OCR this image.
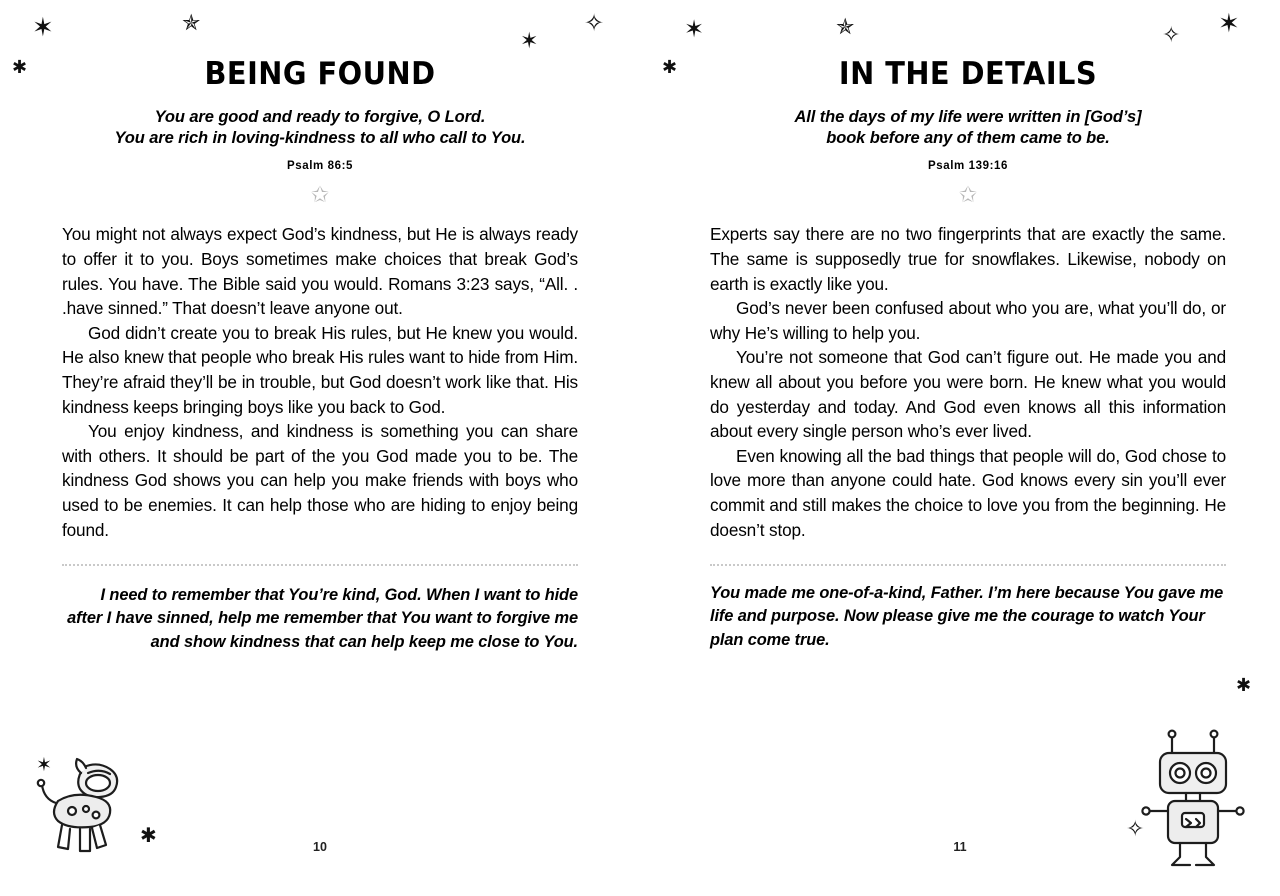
✶
✱
✯
✶
✧
✱
✶
BEING FOUND
You are good and ready to forgive, O Lord.
You are rich in loving-kindness to all who call to You.

Psalm 86:5

✩

You might not always expect God’s kindness, but He is always ready to offer it to you. Boys sometimes make choices that break God’s rules. You have. The Bible said you would. Romans 3:23 says, “All. . .have sinned.” That doesn’t leave anyone out.

God didn’t create you to break His rules, but He knew you would. He also knew that people who break His rules want to hide from Him. They’re afraid they’ll be in trouble, but God doesn’t work like that. His kindness keeps bringing boys like you back to God.

You enjoy kindness, and kindness is something you can share with others. It should be part of the you God made you to be. The kindness God shows you can help you make friends with boys who used to be enemies. It can help those who are hiding to enjoy being found.

I need to remember that You’re kind, God. When I want to hide after I have sinned, help me remember that You want to forgive me and show kindness that can help keep me close to You.

10
✶
✱
✯	✧ ✶
✱
✧
IN THE DETAILS
All the days of my life were written in [God’s]
book before any of them came to be.

Psalm 139:16

✩

Experts say there are no two fingerprints that are exactly the same. The same is supposedly true for snowflakes. Likewise, nobody on earth is exactly like you.

God’s never been confused about who you are, what you’ll do, or why He’s willing to help you.

You’re not someone that God can’t figure out. He made you and knew all about you before you were born. He knew what you would do yesterday and today. And God even knows all this information about every single person who’s ever lived.

Even knowing all the bad things that people will do, God chose to love more than anyone could hate. God knows every sin you’ll ever commit and still makes the choice to love you from the beginning. He doesn’t stop.

You made me one-of-a-kind, Father. I’m here because You gave me life and purpose. Now please give me the courage to watch Your plan come true.

11
